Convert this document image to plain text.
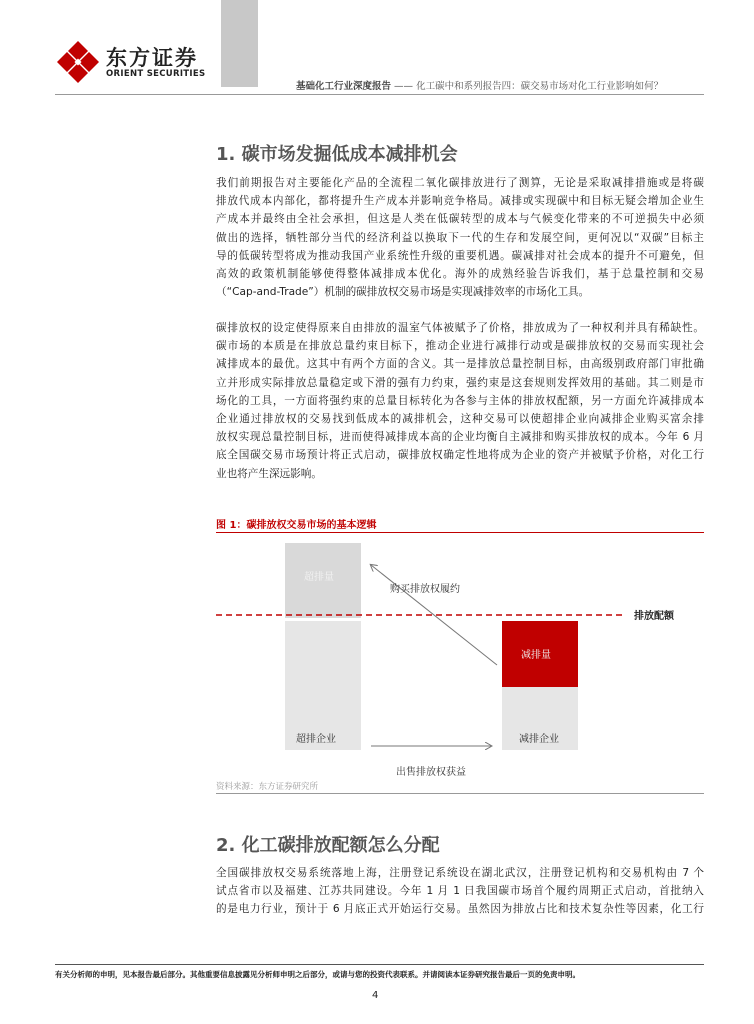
东方证券
ORIENT SECURITIES
基础化工行业深度报告 —— 化工碳中和系列报告四：碳交易市场对化工行业影响如何？
1. 碳市场发掘低成本减排机会
我们前期报告对主要能化产品的全流程二氧化碳排放进行了测算，无论是采取减排措施或是将碳
排放代成本内部化，都将提升生产成本并影响竞争格局。减排或实现碳中和目标无疑会增加企业生
产成本并最终由全社会承担，但这是人类在低碳转型的成本与气候变化带来的不可逆损失中必须
做出的选择，牺牲部分当代的经济利益以换取下一代的生存和发展空间，更何况以“双碳”目标主
导的低碳转型将成为推动我国产业系统性升级的重要机遇。碳减排对社会成本的提升不可避免，但
高效的政策机制能够使得整体减排成本优化。海外的成熟经验告诉我们，基于总量控制和交易
（“Cap-and-Trade”）机制的碳排放权交易市场是实现减排效率的市场化工具。
碳排放权的设定使得原来自由排放的温室气体被赋予了价格，排放成为了一种权利并具有稀缺性。
碳市场的本质是在排放总量约束目标下，推动企业进行减排行动或是碳排放权的交易而实现社会
减排成本的最优。这其中有两个方面的含义。其一是排放总量控制目标，由高级别政府部门审批确
立并形成实际排放总量稳定或下滑的强有力约束，强约束是这套规则发挥效用的基础。其二则是市
场化的工具，一方面将强约束的总量目标转化为各参与主体的排放权配额，另一方面允许减排成本
企业通过排放权的交易找到低成本的减排机会，这种交易可以使超排企业向减排企业购买富余排
放权实现总量控制目标，进而使得减排成本高的企业均衡自主减排和购买排放权的成本。今年 6 月
底全国碳交易市场预计将正式启动，碳排放权确定性地将成为企业的资产并被赋予价格，对化工行
业也将产生深远影响。
图 1：碳排放权交易市场的基本逻辑
超排量
减排量
购买排放权履约
出售排放权获益
超排企业	减排企业
排放配额
资料来源：东方证券研究所
2. 化工碳排放配额怎么分配
全国碳排放权交易系统落地上海，注册登记系统设在湖北武汉，注册登记机构和交易机构由 7 个
试点省市以及福建、江苏共同建设。今年 1 月 1 日我国碳市场首个履约周期正式启动，首批纳入
的是电力行业，预计于 6 月底正式开始运行交易。虽然因为排放占比和技术复杂性等因素，化工行
有关分析师的申明，见本报告最后部分。其他重要信息披露见分析师申明之后部分，或请与您的投资代表联系。并请阅读本证券研究报告最后一页的免责申明。
4
